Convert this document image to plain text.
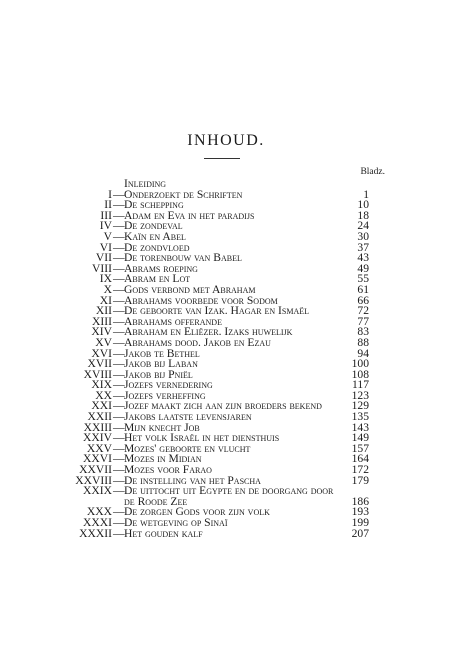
INHOUD.
Bladz.
Inleiding
I — Onderzoekt de Schriften	1
II — De schepping	10
III — Adam en Eva in het paradijs	18
IV — De zondeval	24
V — Kaïn en Abel	30
VI — De zondvloed	37
VII — De torenbouw van Babel	43
VIII — Abrams roeping	49
IX — Abram en Lot	55
X — Gods verbond met Abraham	61
XI — Abrahams voorbede voor Sodom	66
XII — De geboorte van Izak. Hagar en Ismaël	72
XIII — Abrahams offerande	77
XIV — Abraham en Eliëzer. Izaks huwelijk	83
XV — Abrahams dood. Jakob en Ezau	88
XVI — Jakob te Bethel	94
XVII — Jakob bij Laban	100
XVIII — Jakob bij Pniël	108
XIX — Jozefs vernedering	117
XX — Jozefs verheffing	123
XXI — Jozef maakt zich aan zijn broeders bekend	129
XXII — Jakobs laatste levensjaren	135
XXIII — Mijn knecht Job	143
XXIV — Het volk Israël in het diensthuis	149
XXV — Mozes' geboorte en vlucht	157
XXVI — Mozes in Midian	164
XXVII — Mozes voor Farao	172
XXVIII — De instelling van het Pascha	179
XXIX — De uittocht uit Egypte en de doorgang door
de Roode Zee	186
XXX — De zorgen Gods voor zijn volk	193
XXXI — De wetgeving op Sinaï	199
XXXII — Het gouden kalf	207
